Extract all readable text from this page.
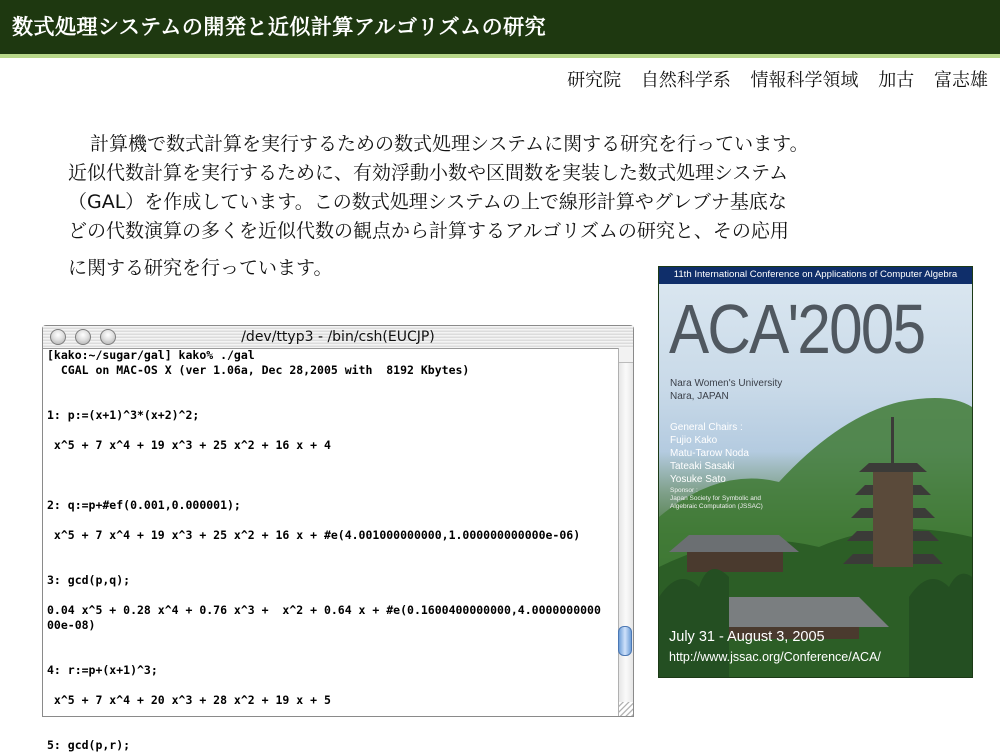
数式処理システムの開発と近似計算アルゴリズムの研究
研究院 自然科学系 情報科学領域 加古 富志雄
計算機で数式計算を実行するための数式処理システムに関する研究を行っています。
近似代数計算を実行するために、有効浮動小数や区間数を実装した数式処理システム
（GAL）を作成しています。この数式処理システムの上で線形計算やグレブナ基底な
どの代数演算の多くを近似代数の観点から計算するアルゴリズムの研究と、その応用
に関する研究を行っています。

/dev/ttyp3 - /bin/csh(EUCJP)
[kako:~/sugar/gal] kako% ./gal
CGAL on MAC-OS X (ver 1.06a, Dec 28,2005 with  8192 Kbytes)
1: p:=(x+1)^3*(x+2)^2;
x^5 + 7 x^4 + 19 x^3 + 25 x^2 + 16 x + 4
2: q:=p+#ef(0.001,0.000001);
x^5 + 7 x^4 + 19 x^3 + 25 x^2 + 16 x + #e(4.001000000000,1.000000000000e-06)
3: gcd(p,q);
0.04 x^5 + 0.28 x^4 + 0.76 x^3 +  x^2 + 0.64 x + #e(0.1600400000000,4.0000000000
00e-08)
4: r:=p+(x+1)^3;
x^5 + 7 x^4 + 20 x^3 + 28 x^2 + 19 x + 5
5: gcd(p,r);
11th International Conference on Applications of Computer Algebra
ACA'2005
Nara Women's University
Nara, JAPAN
General Chairs :
Fujio Kako
Matu-Tarow Noda
Tateaki Sasaki
Yosuke Sato
Sponsor :
Japan Society for Symbolic and Algebraic Computation (JSSAC)
July 31 - August 3, 2005
http://www.jssac.org/Conference/ACA/
